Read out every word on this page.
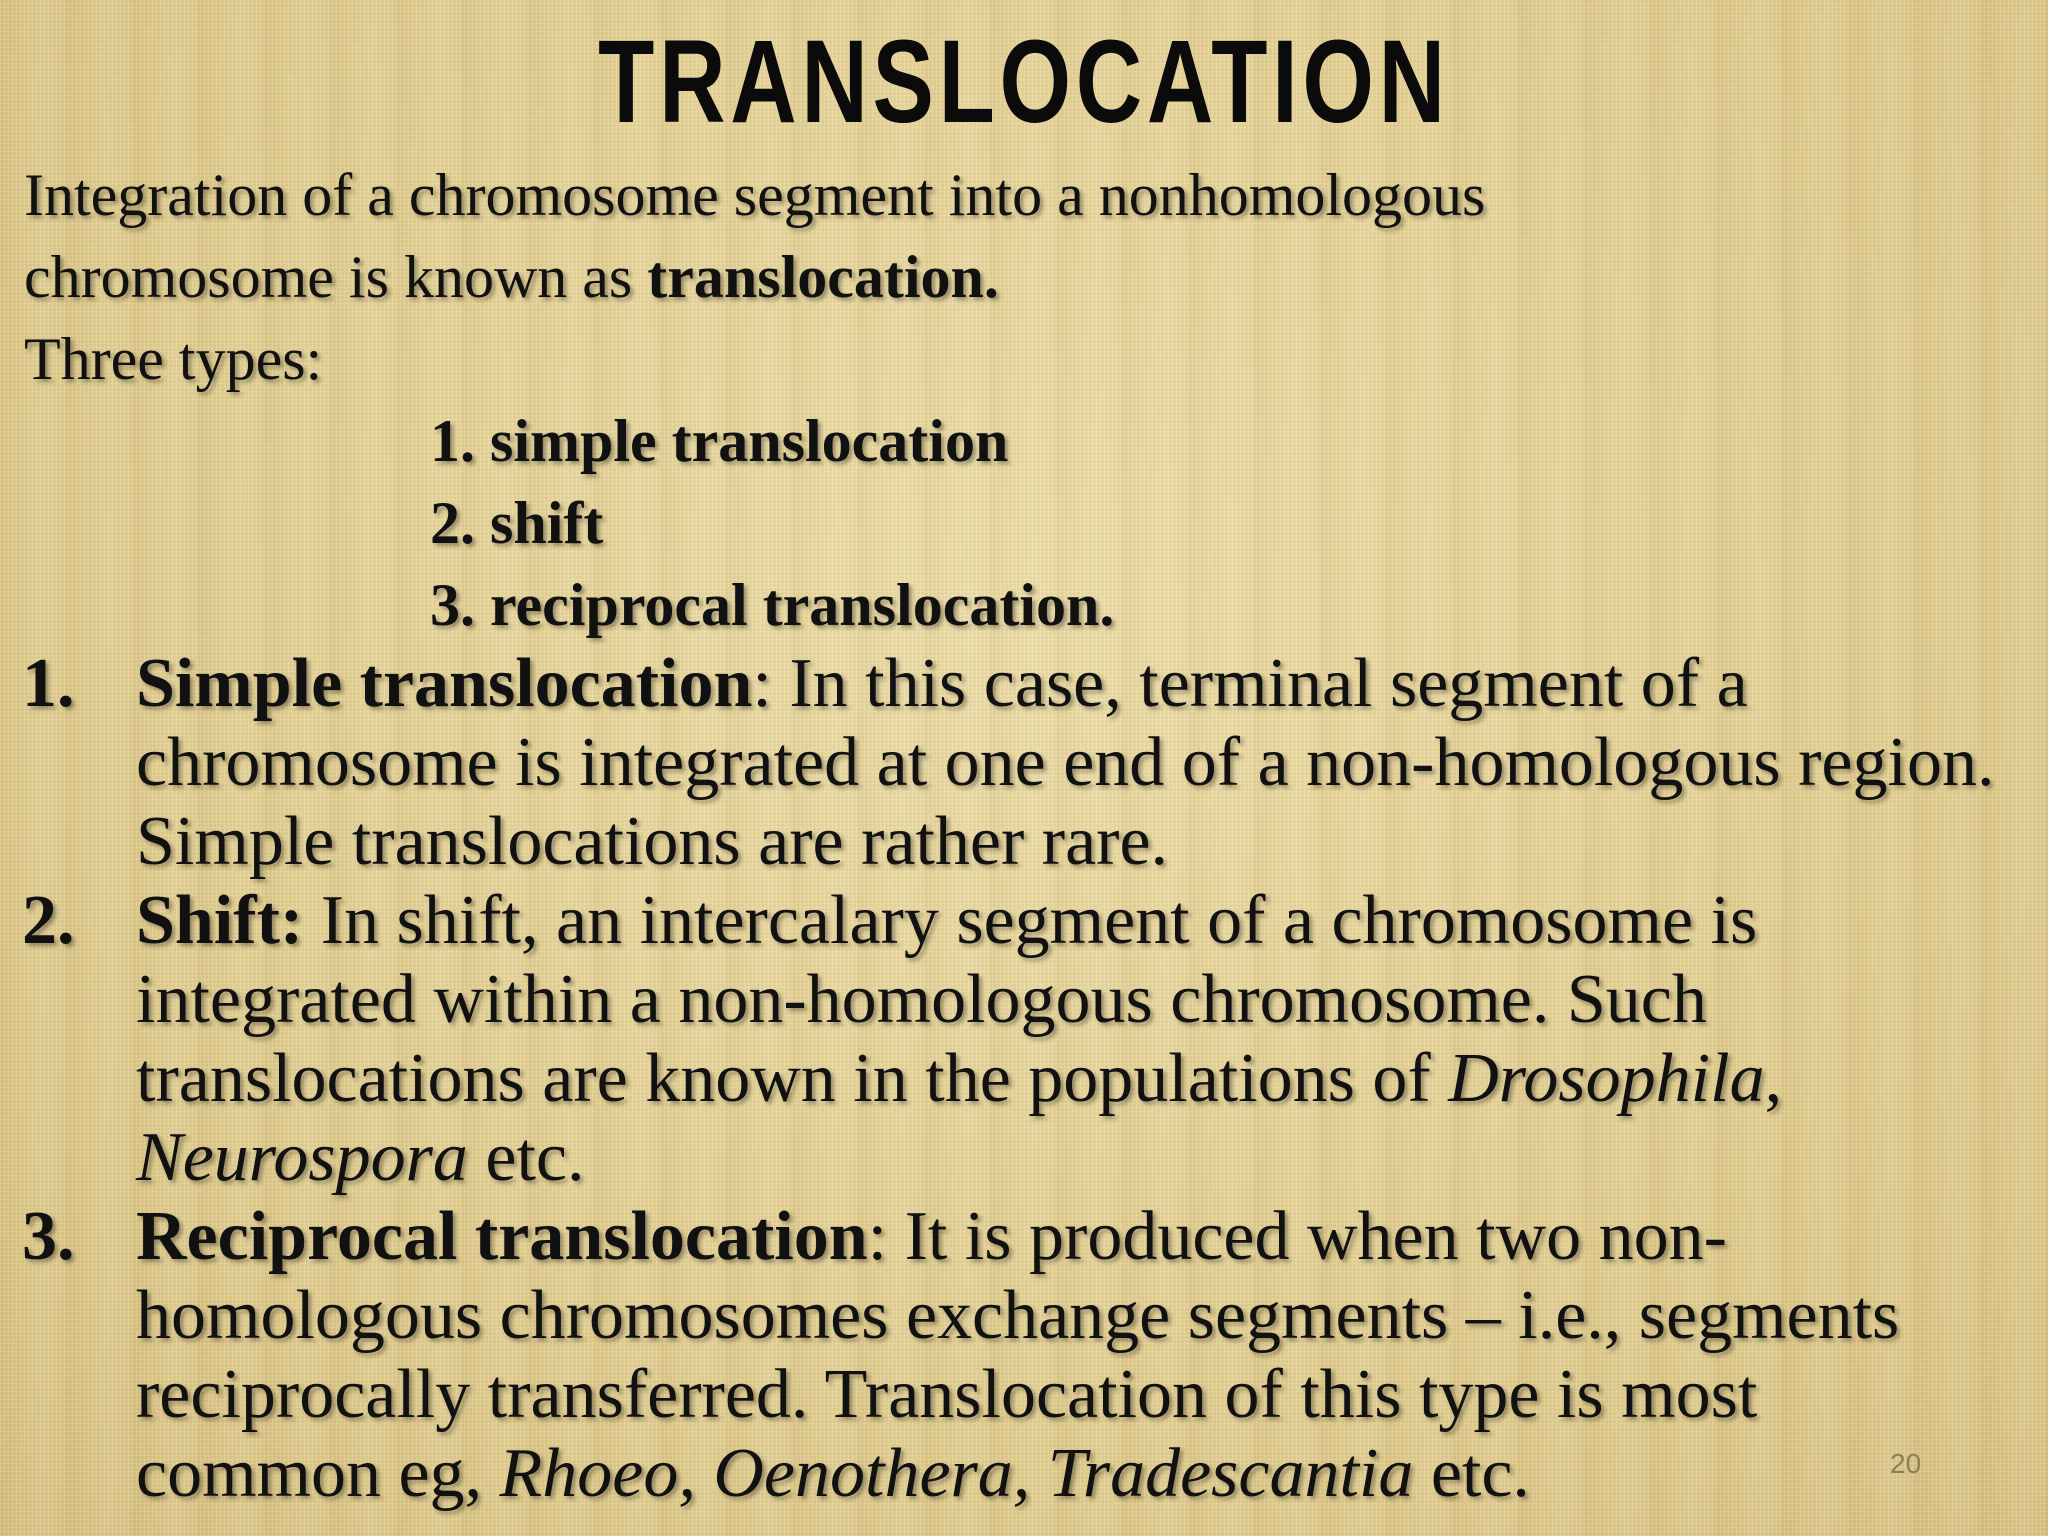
TRANSLOCATION

Integration of a chromosome segment into a nonhomologous

chromosome is known as translocation.

Three types:

1. simple translocation
2. shift
3. reciprocal translocation.
1. Simple translocation: In this case, terminal segment of a chromosome is integrated at one end of a non-homologous region. Simple translocations are rather rare.
2. Shift: In shift, an intercalary segment of a chromosome is integrated within a non-homologous chromosome. Such translocations are known in the populations of Drosophila, Neurospora etc.
3. Reciprocal translocation: It is produced when two non-homologous chromosomes exchange segments – i.e., segments reciprocally transferred. Translocation of this type is most common eg, Rhoeo, Oenothera, Tradescantia etc.	20
